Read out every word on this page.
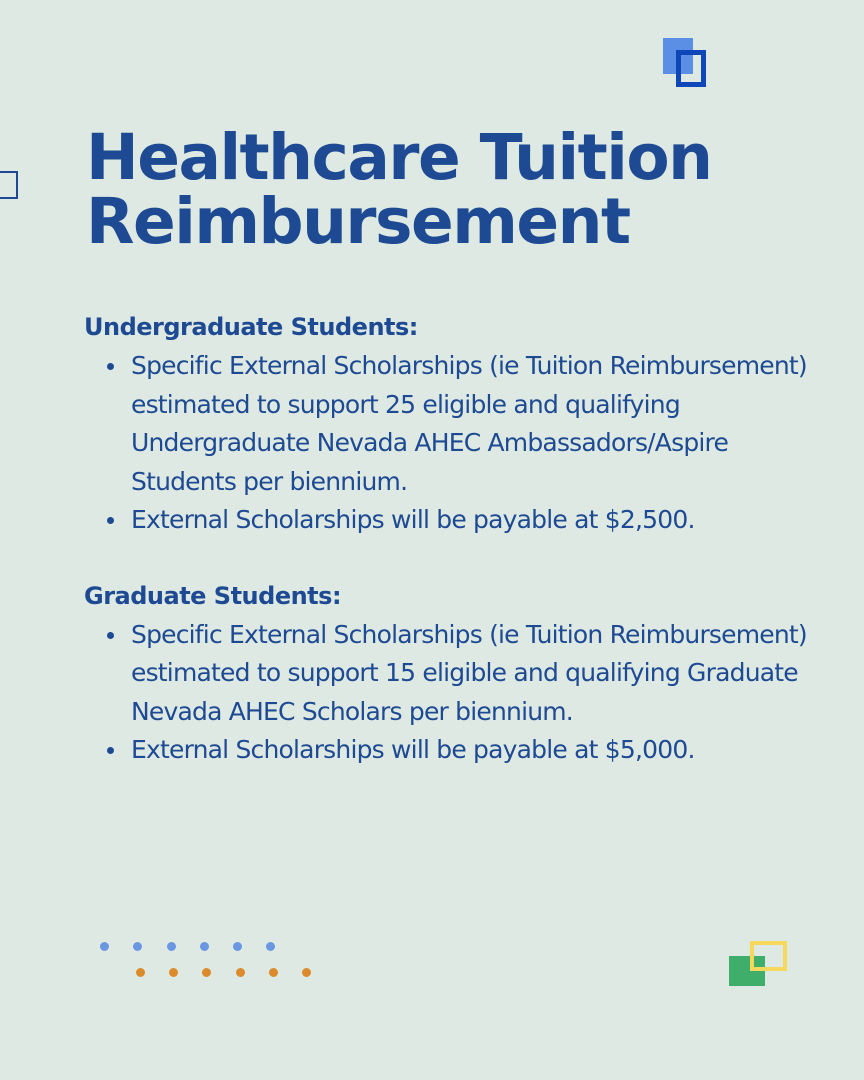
Healthcare Tuition Reimbursement

Undergraduate Students:

Specific External Scholarships (ie Tuition Reimbursement) estimated to support 25 eligible and qualifying Undergraduate Nevada AHEC Ambassadors/Aspire Students per biennium.
External Scholarships will be payable at $2,500.

Graduate Students:

Specific External Scholarships (ie Tuition Reimbursement) estimated to support 15 eligible and qualifying Graduate Nevada AHEC Scholars per biennium.
External Scholarships will be payable at $5,000.
